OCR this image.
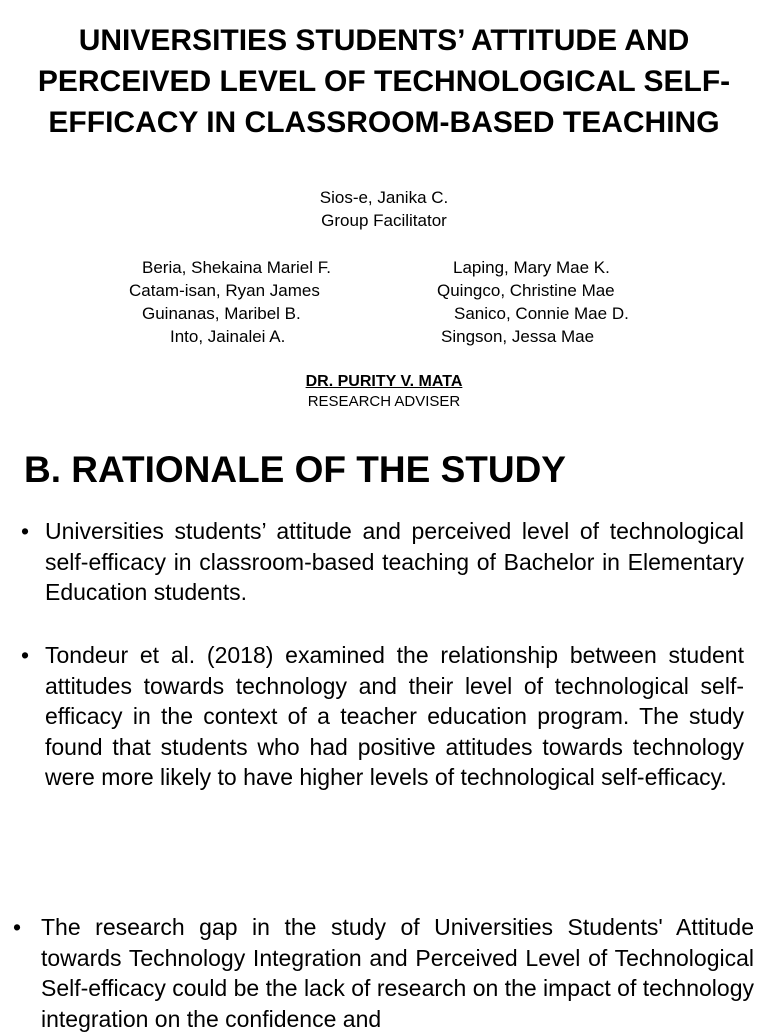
UNIVERSITIES STUDENTS’ ATTITUDE AND PERCEIVED LEVEL OF TECHNOLOGICAL SELF-EFFICACY IN CLASSROOM-BASED TEACHING
Sios-e, Janika C.
Group Facilitator
Beria, Shekaina Mariel F.
Catam-isan, Ryan James
Guinanas, Maribel B.
Into, Jainalei A.
Laping, Mary Mae K.
Quingco, Christine Mae
Sanico, Connie Mae D.
Singson, Jessa Mae
DR. PURITY V. MATA
RESEARCH ADVISER
B. RATIONALE OF THE STUDY
• Universities students’ attitude and perceived level of technological self-efficacy in classroom-based teaching of Bachelor in Elementary Education students.
• Tondeur et al. (2018) examined the relationship between student attitudes towards technology and their level of technological self-efficacy in the context of a teacher education program. The study found that students who had positive attitudes towards technology were more likely to have higher levels of technological self-efficacy.
• The research gap in the study of Universities Students' Attitude towards Technology Integration and Perceived Level of Technological Self-efficacy could be the lack of research on the impact of technology integration on the confidence and
